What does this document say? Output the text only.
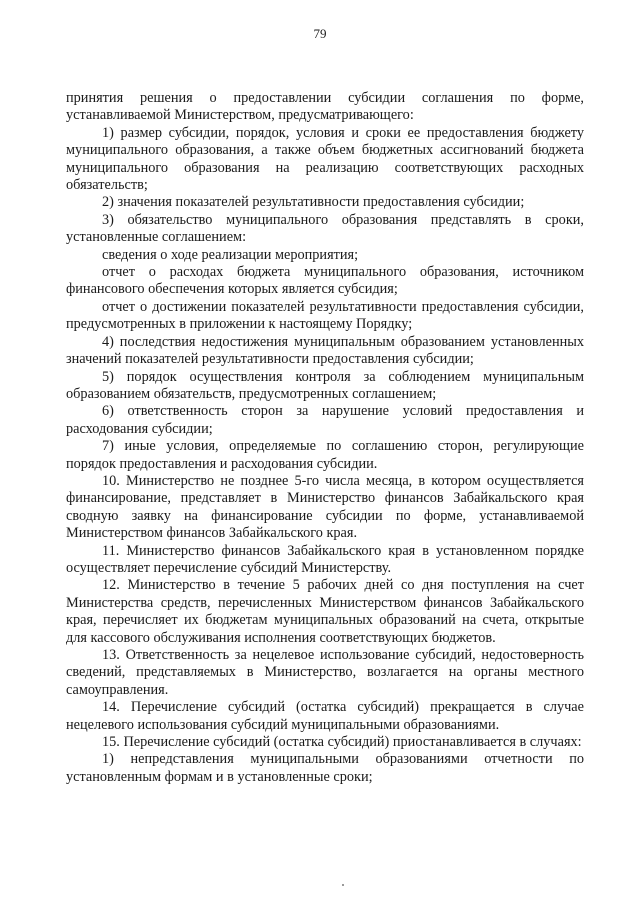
79

принятия решения о предоставлении субсидии соглашения по форме, устанавливаемой Министерством, предусматривающего:

1) размер субсидии, порядок, условия и сроки ее предоставления бюджету муниципального образования, а также объем бюджетных ассигнований бюджета муниципального образования на реализацию соответствующих расходных обязательств;

2) значения показателей результативности предоставления субсидии;

3) обязательство муниципального образования представлять в сроки, установленные соглашением:

сведения о ходе реализации мероприятия;

отчет о расходах бюджета муниципального образования, источником финансового обеспечения которых является субсидия;

отчет о достижении показателей результативности предоставления субсидии, предусмотренных в приложении к настоящему Порядку;

4) последствия недостижения муниципальным образованием установленных значений показателей результативности предоставления субсидии;

5) порядок осуществления контроля за соблюдением муниципальным образованием обязательств, предусмотренных соглашением;

6) ответственность сторон за нарушение условий предоставления и расходования субсидии;

7) иные условия, определяемые по соглашению сторон, регулирующие порядок предоставления и расходования субсидии.

10. Министерство не позднее 5-го числа месяца, в котором осуществляется финансирование, представляет в Министерство финансов Забайкальского края сводную заявку на финансирование субсидии по форме, устанавливаемой Министерством финансов Забайкальского края.

11. Министерство финансов Забайкальского края в установленном порядке осуществляет перечисление субсидий Министерству.

12. Министерство в течение 5 рабочих дней со дня поступления на счет Министерства средств, перечисленных Министерством финансов Забайкальского края, перечисляет их бюджетам муниципальных образований на счета, открытые для кассового обслуживания исполнения соответствующих бюджетов.

13. Ответственность за нецелевое использование субсидий, недостоверность сведений, представляемых в Министерство, возлагается на органы местного самоуправления.

14. Перечисление субсидий (остатка субсидий) прекращается в случае нецелевого использования субсидий муниципальными образованиями.

15. Перечисление субсидий (остатка субсидий) приостанавливается в случаях:

1) непредставления муниципальными образованиями отчетности по установленным формам и в установленные сроки;
